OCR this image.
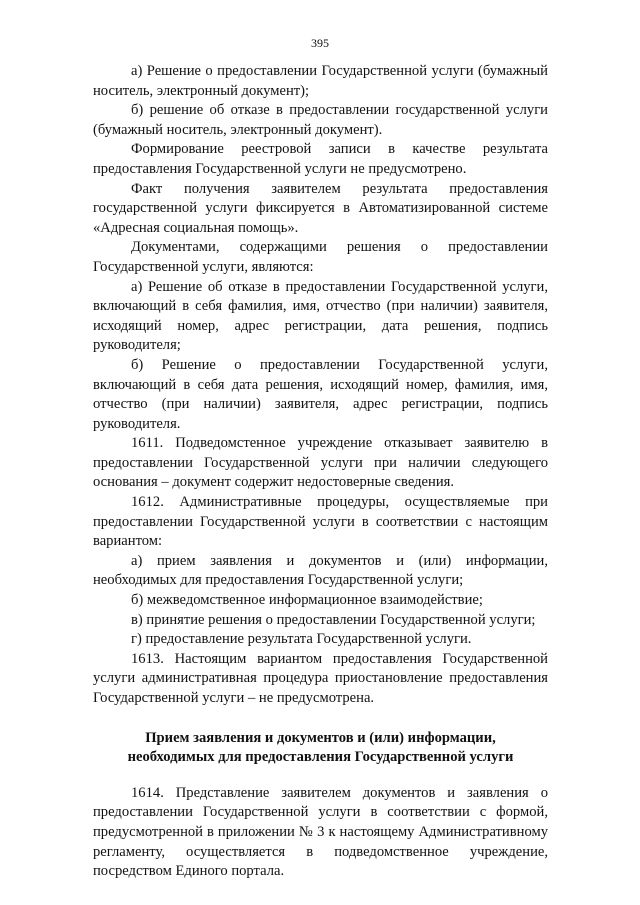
395

а) Решение о предоставлении Государственной услуги (бумажный носитель, электронный документ);

б) решение об отказе в предоставлении государственной услуги (бумажный носитель, электронный документ).

Формирование реестровой записи в качестве результата предоставления Государственной услуги не предусмотрено.

Факт получения заявителем результата предоставления государственной услуги фиксируется в Автоматизированной системе «Адресная социальная помощь».

Документами, содержащими решения о предоставлении Государственной услуги, являются:

а) Решение об отказе в предоставлении Государственной услуги, включающий в себя фамилия, имя, отчество (при наличии) заявителя, исходящий номер, адрес регистрации, дата решения, подпись руководителя;

б) Решение о предоставлении Государственной услуги, включающий в себя дата решения, исходящий номер, фамилия, имя, отчество (при наличии) заявителя, адрес регистрации, подпись руководителя.

1611. Подведомстенное учреждение отказывает заявителю в предоставлении Государственной услуги при наличии следующего основания – документ содержит недостоверные сведения.

1612. Административные процедуры, осуществляемые при предоставлении Государственной услуги в соответствии с настоящим вариантом:

а) прием заявления и документов и (или) информации, необходимых для предоставления Государственной услуги;

б) межведомственное информационное взаимодействие;

в) принятие решения о предоставлении Государственной услуги;

г) предоставление результата Государственной услуги.

1613. Настоящим вариантом предоставления Государственной услуги административная процедура приостановление предоставления Государственной услуги – не предусмотрена.

Прием заявления и документов и (или) информации,

необходимых для предоставления Государственной услуги

1614. Представление заявителем документов и заявления о предоставлении Государственной услуги в соответствии с формой, предусмотренной в приложении № 3 к настоящему Административному регламенту, осуществляется в подведомственное учреждение, посредством Единого портала.
